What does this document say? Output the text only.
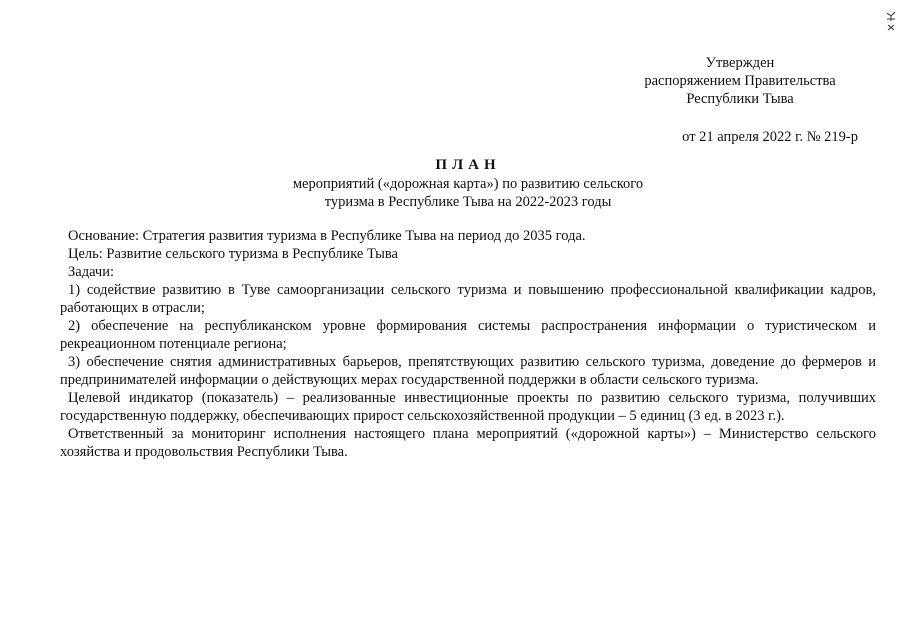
Утвержден
распоряжением Правительства
Республики Тыва
от 21 апреля 2022 г. № 219-р
ПЛАН
мероприятий («дорожная карта») по развитию сельского
туризма в Республике Тыва на 2022-2023 годы

Основание: Стратегия развития туризма в Республике Тыва на период до 2035 года.

Цель: Развитие сельского туризма в Республике Тыва

Задачи:

1) содействие развитию в Туве самоорганизации сельского туризма и повышению профессиональной квалификации кадров, работающих в отрасли;

2) обеспечение на республиканском уровне формирования системы распространения информации о туристическом и рекреационном потенциале региона;

3) обеспечение снятия административных барьеров, препятствующих развитию сельского туризма, доведение до фермеров и предпринимателей информации о действующих мерах государственной поддержки в области сельского туризма.

Целевой индикатор (показатель) – реализованные инвестиционные проекты по развитию сельского туризма, получивших государственную поддержку, обеспечивающих прирост сельскохозяйственной продукции – 5 единиц (3 ед. в 2023 г.).

Ответственный за мониторинг исполнения настоящего плана мероприятий («дорожной карты») – Министерство сельского хозяйства и продовольствия Республики Тыва.
